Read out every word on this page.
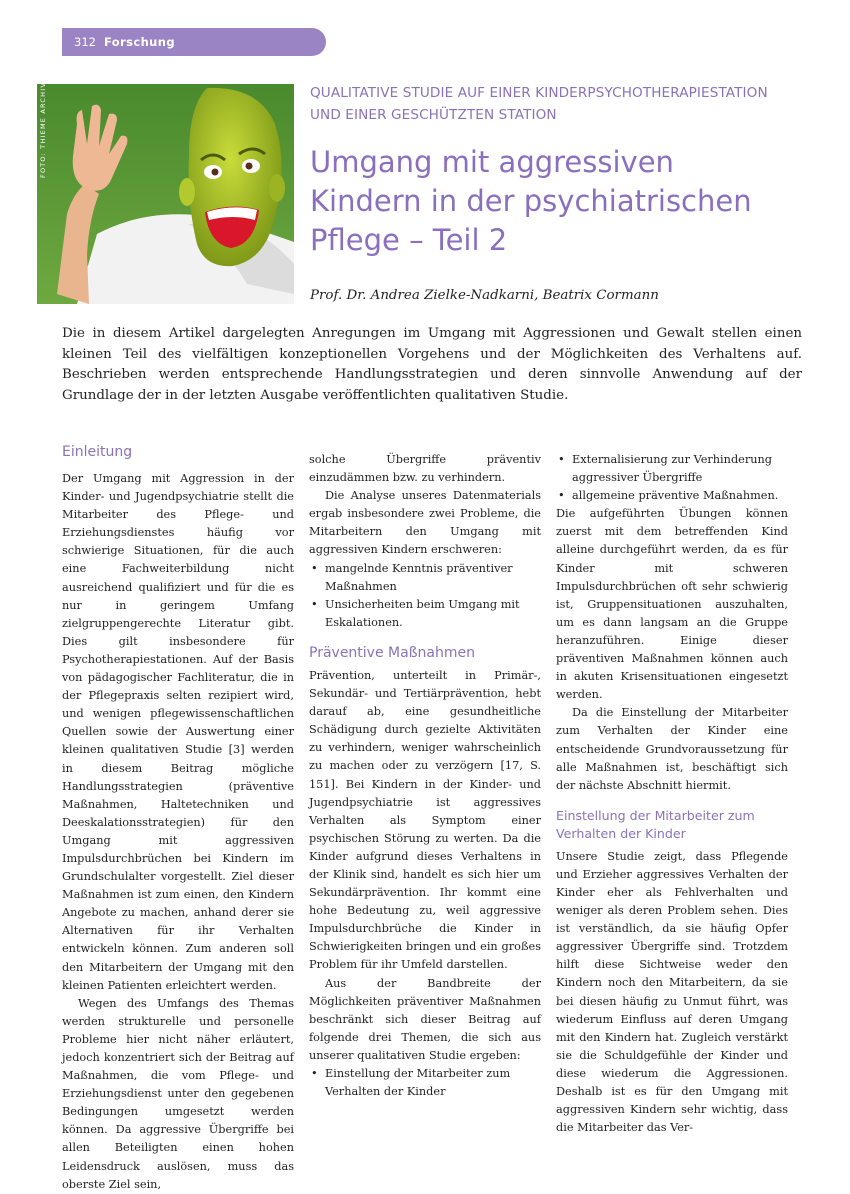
312 Forschung
FOTO: THIEME ARCHIV	QUALITATIVE STUDIE AUF EINER KINDERPSYCHOTHERAPIESTATION
UND EINER GESCHÜTZTEN STATION
Umgang mit aggressiven
Kindern in der psychiatrischen
Pflege – Teil 2
Prof. Dr. Andrea Zielke-Nadkarni, Beatrix Cormann

Die in diesem Artikel dargelegten Anregungen im Umgang mit Aggressionen und Gewalt stellen einen kleinen Teil des vielfältigen konzeptionellen Vorgehens und der Möglichkeiten des Verhaltens auf. Beschrieben werden entsprechende Handlungsstrategien und deren sinnvolle Anwendung auf der Grundlage der in der letzten Ausgabe veröffentlichten qualitativen Studie.

Einleitung

Der Umgang mit Aggression in der Kinder- und Jugendpsychiatrie stellt die Mitarbeiter des Pflege- und Erziehungsdienstes häufig vor schwierige Situationen, für die auch eine Fachweiterbildung nicht ausreichend qualifiziert und für die es nur in geringem Umfang zielgruppengerechte Literatur gibt. Dies gilt insbesondere für Psychotherapiestationen. Auf der Basis von pädagogischer Fachliteratur, die in der Pflegepraxis selten rezipiert wird, und wenigen pflegewissenschaftlichen Quellen sowie der Auswertung einer kleinen qualitativen Studie [3] werden in diesem Beitrag mögliche Handlungsstrategien (präventive Maßnahmen, Haltetechniken und Deeskalationsstrategien) für den Umgang mit aggressiven Impulsdurchbrüchen bei Kindern im Grundschulalter vorgestellt. Ziel dieser Maßnahmen ist zum einen, den Kindern Angebote zu machen, anhand derer sie Alternativen für ihr Verhalten entwickeln können. Zum anderen soll den Mitarbeitern der Umgang mit den kleinen Patienten erleichtert werden.

Wegen des Umfangs des Themas werden strukturelle und personelle Probleme hier nicht näher erläutert, jedoch konzentriert sich der Beitrag auf Maßnahmen, die vom Pflege- und Erziehungsdienst unter den gegebenen Bedingungen umgesetzt werden können. Da aggressive Übergriffe bei allen Beteiligten einen hohen Leidensdruck auslösen, muss das oberste Ziel sein,

solche Übergriffe präventiv einzudämmen bzw. zu verhindern.

Die Analyse unseres Datenmaterials ergab insbesondere zwei Probleme, die Mitarbeitern den Umgang mit aggressiven Kindern erschweren:

• mangelnde Kenntnis präventiver Maßnahmen
• Unsicherheiten beim Umgang mit Eskalationen.
Präventive Maßnahmen

Prävention, unterteilt in Primär-, Sekundär- und Tertiärprävention, hebt darauf ab, eine gesundheitliche Schädigung durch gezielte Aktivitäten zu verhindern, weniger wahrscheinlich zu machen oder zu verzögern [17, S. 151]. Bei Kindern in der Kinder- und Jugendpsychiatrie ist aggressives Verhalten als Symptom einer psychischen Störung zu werten. Da die Kinder aufgrund dieses Verhaltens in der Klinik sind, handelt es sich hier um Sekundärprävention. Ihr kommt eine hohe Bedeutung zu, weil aggressive Impulsdurchbrüche die Kinder in Schwierigkeiten bringen und ein großes Problem für ihr Umfeld darstellen.

Aus der Bandbreite der Möglichkeiten präventiver Maßnahmen beschränkt sich dieser Beitrag auf folgende drei Themen, die sich aus unserer qualitativen Studie ergeben:

• Einstellung der Mitarbeiter zum Verhalten der Kinder
• Externalisierung zur Verhinderung aggressiver Übergriffe
• allgemeine präventive Maßnahmen.

Die aufgeführten Übungen können zuerst mit dem betreffenden Kind alleine durchgeführt werden, da es für Kinder mit schweren Impulsdurchbrüchen oft sehr schwierig ist, Gruppensituationen auszuhalten, um es dann langsam an die Gruppe heranzuführen. Einige dieser präventiven Maßnahmen können auch in akuten Krisensituationen eingesetzt werden.

Da die Einstellung der Mitarbeiter zum Verhalten der Kinder eine entscheidende Grundvoraussetzung für alle Maßnahmen ist, beschäftigt sich der nächste Abschnitt hiermit.

Einstellung der Mitarbeiter zum
Verhalten der Kinder

Unsere Studie zeigt, dass Pflegende und Erzieher aggressives Verhalten der Kinder eher als Fehlverhalten und weniger als deren Problem sehen. Dies ist verständlich, da sie häufig Opfer aggressiver Übergriffe sind. Trotzdem hilft diese Sichtweise weder den Kindern noch den Mitarbeitern, da sie bei diesen häufig zu Unmut führt, was wiederum Einfluss auf deren Umgang mit den Kindern hat. Zugleich verstärkt sie die Schuldgefühle der Kinder und diese wiederum die Aggressionen. Deshalb ist es für den Umgang mit aggressiven Kindern sehr wichtig, dass die Mitarbeiter das Ver-
